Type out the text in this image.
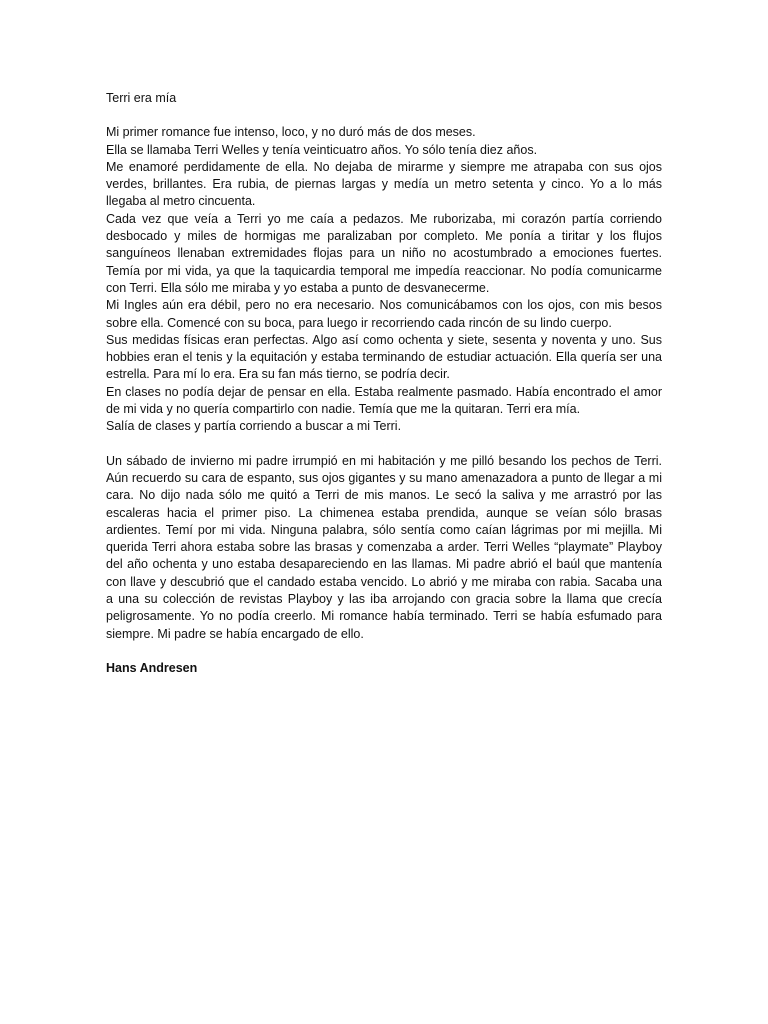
Terri era mía

Mi primer romance fue intenso, loco, y no duró más de dos meses.

Ella se llamaba Terri Welles y tenía veinticuatro años. Yo sólo tenía diez años.

Me enamoré perdidamente de ella. No dejaba de mirarme y siempre me atrapaba con sus ojos verdes, brillantes. Era rubia, de piernas largas y medía un metro setenta y cinco. Yo a lo más llegaba al metro cincuenta.

Cada vez que veía a Terri yo me caía a pedazos. Me ruborizaba, mi corazón partía corriendo desbocado y miles de hormigas me paralizaban por completo. Me ponía a tiritar y los flujos sanguíneos llenaban extremidades flojas para un niño no acostumbrado a emociones fuertes. Temía por mi vida, ya que la taquicardia temporal me impedía reaccionar. No podía comunicarme con Terri. Ella sólo me miraba y yo estaba a punto de desvanecerme.

Mi Ingles aún era débil, pero no era necesario. Nos comunicábamos con los ojos, con mis besos sobre ella. Comencé con su boca, para luego ir recorriendo cada rincón de su lindo cuerpo.

Sus medidas físicas eran perfectas. Algo así como ochenta y siete, sesenta y noventa y uno. Sus hobbies eran el tenis y la equitación y estaba terminando de estudiar actuación. Ella quería ser una estrella. Para mí lo era. Era su fan más tierno, se podría decir.

En clases no podía dejar de pensar en ella. Estaba realmente pasmado. Había encontrado el amor de mi vida y no quería compartirlo con nadie. Temía que me la quitaran. Terri era mía.

Salía de clases y partía corriendo a buscar a mi Terri.

Un sábado de invierno mi padre irrumpió en mi habitación y me pilló besando los pechos de Terri. Aún recuerdo su cara de espanto, sus ojos gigantes y su mano amenazadora a punto de llegar a mi cara. No dijo nada sólo me quitó a Terri de mis manos. Le secó la saliva y me arrastró por las escaleras hacia el primer piso. La chimenea estaba prendida, aunque se veían sólo brasas ardientes. Temí por mi vida. Ninguna palabra, sólo sentía como caían lágrimas por mi mejilla. Mi querida Terri ahora estaba sobre las brasas y comenzaba a arder. Terri Welles “playmate” Playboy del año ochenta y uno estaba desapareciendo en las llamas. Mi padre abrió el baúl que mantenía con llave y descubrió que el candado estaba vencido. Lo abrió y me miraba con rabia. Sacaba una a una su colección de revistas Playboy y las iba arrojando con gracia sobre la llama que crecía peligrosamente. Yo no podía creerlo. Mi romance había terminado. Terri se había esfumado para siempre. Mi padre se había encargado de ello.

Hans Andresen
